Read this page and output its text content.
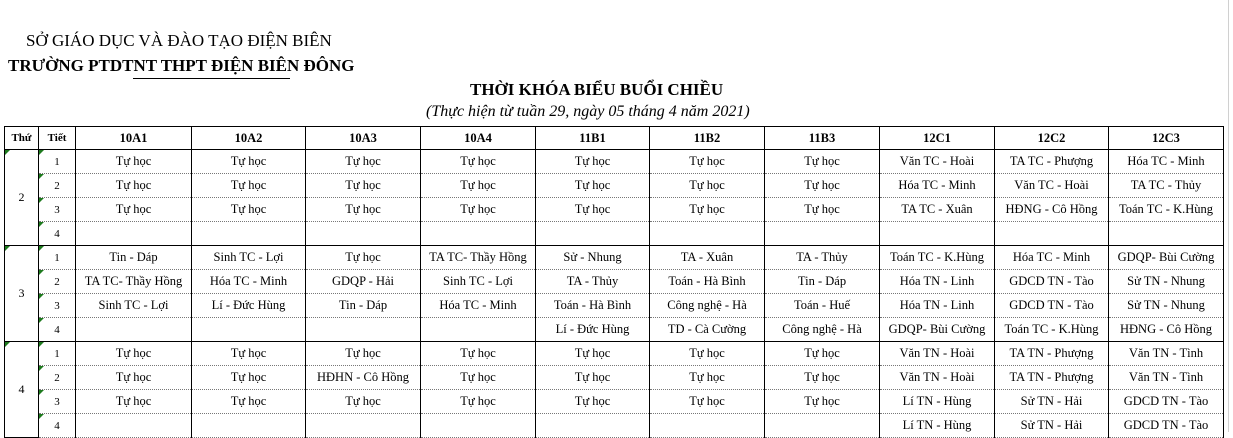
SỞ GIÁO DỤC VÀ ĐÀO TẠO ĐIỆN BIÊN
TRƯỜNG PTDTNT THPT ĐIỆN BIÊN ĐÔNG
THỜI KHÓA BIỂU BUỔI CHIỀU
(Thực hiện từ tuần 29, ngày 05 tháng 4 năm 2021)
Thứ	Tiết	10A1	10A2	10A3	10A4	11B1	11B2	11B3	12C1	12C2	12C3

2	1	Tự học	Tự học	Tự học	Tự học	Tự học	Tự học	Tự học	Văn TC - Hoài	TA TC - Phượng	Hóa TC - Minh

2	Tự học	Tự học	Tự học	Tự học	Tự học	Tự học	Tự học	Hóa TC - Minh	Văn TC - Hoài	TA TC - Thủy

3	Tự học	Tự học	Tự học	Tự học	Tự học	Tự học	Tự học	TA TC - Xuân	HĐNG - Cô Hồng	Toán TC - K.Hùng

4										

3	1	Tin - Dáp	Sinh TC - Lợi	Tự học	TA TC- Thầy Hồng	Sử - Nhung	TA - Xuân	TA - Thủy	Toán TC - K.Hùng	Hóa TC - Minh	GDQP- Bùi Cường

2	TA TC- Thầy Hồng	Hóa TC - Minh	GDQP - Hải	Sinh TC - Lợi	TA - Thủy	Toán - Hà Bình	Tin - Dáp	Hóa TN - Linh	GDCD TN - Tào	Sử TN - Nhung

3	Sinh TC - Lợi	Lí - Đức Hùng	Tin - Dáp	Hóa TC - Minh	Toán - Hà Bình	Công nghệ - Hà	Toán - Huế	Hóa TN - Linh	GDCD TN - Tào	Sử TN - Nhung

4					Lí - Đức Hùng	TD - Cà Cường	Công nghệ - Hà	GDQP- Bùi Cường	Toán TC - K.Hùng	HĐNG - Cô Hồng

4	1	Tự học	Tự học	Tự học	Tự học	Tự học	Tự học	Tự học	Văn TN - Hoài	TA TN - Phượng	Văn TN - Tình

2	Tự học	Tự học	HĐHN - Cô Hồng	Tự học	Tự học	Tự học	Tự học	Văn TN - Hoài	TA TN - Phượng	Văn TN - Tình

3	Tự học	Tự học	Tự học	Tự học	Tự học	Tự học	Tự học	Lí TN - Hùng	Sử TN - Hải	GDCD TN - Tào

4								Lí TN - Hùng	Sử TN - Hải	GDCD TN - Tào
